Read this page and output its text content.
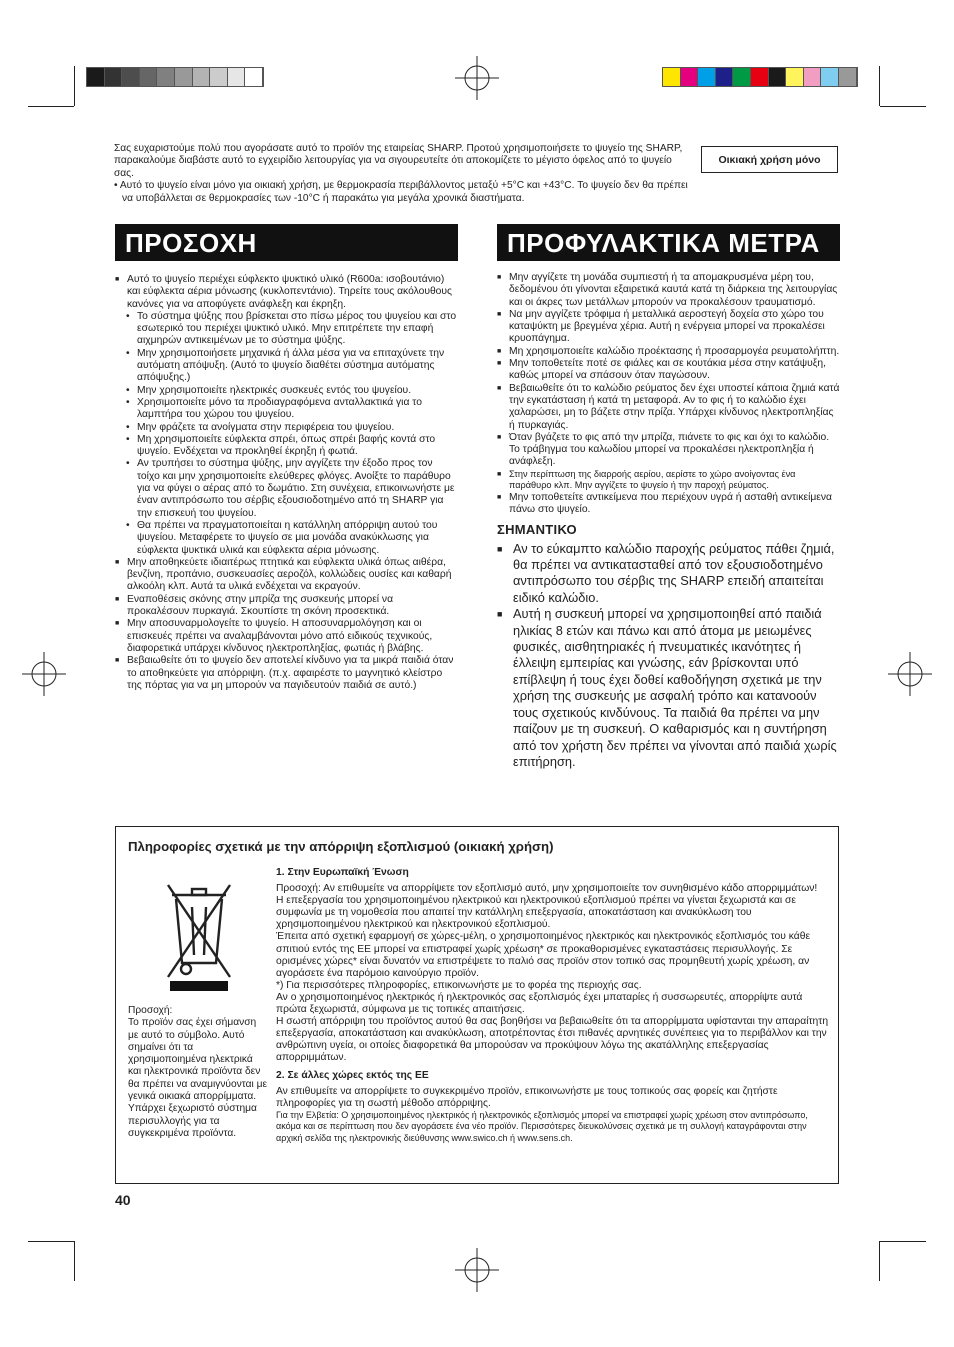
Σας ευχαριστούμε πολύ που αγοράσατε αυτό το προϊόν της εταιρείας SHARP. Προτού χρησιμοποιήσετε το ψυγείο της SHARP, παρακαλούμε διαβάστε αυτό το εγχειρίδιο λειτουργίας για να σιγουρευτείτε ότι αποκομίζετε το μέγιστο όφελος από το ψυγείο σας.

• Αυτό το ψυγείο είναι μόνο για οικιακή χρήση, με θερμοκρασία περιβάλλοντος μεταξύ +5°C και +43°C. Το ψυγείο δεν θα πρέπει να υποβάλλεται σε θερμοκρασίες των -10°C ή παρακάτω για μεγάλα χρονικά διαστήματα.

Οικιακή χρήση μόνο
ΠΡΟΣΟΧΗ
■ Αυτό το ψυγείο περιέχει εύφλεκτο ψυκτικό υλικό (R600a: ισοβουτάνιο) και εύφλεκτα αέρια μόνωσης (κυκλοπεντάνιο). Τηρείτε τους ακόλουθους κανόνες για να αποφύγετε ανάφλεξη και έκρηξη.
• Το σύστημα ψύξης που βρίσκεται στο πίσω μέρος του ψυγείου και στο εσωτερικό του περιέχει ψυκτικό υλικό. Μην επιτρέπετε την επαφή αιχμηρών αντικειμένων με το σύστημα ψύξης.
• Μην χρησιμοποιήσετε μηχανικά ή άλλα μέσα για να επιταχύνετε την αυτόματη απόψυξη. (Αυτό το ψυγείο διαθέτει σύστημα αυτόματης απόψυξης.)
• Μην χρησιμοποιείτε ηλεκτρικές συσκευές εντός του ψυγείου.
• Χρησιμοποιείτε μόνο τα προδιαγραφόμενα ανταλλακτικά για το λαμπτήρα του χώρου του ψυγείου.
• Μην φράζετε τα ανοίγματα στην περιφέρεια του ψυγείου.
• Μη χρησιμοποιείτε εύφλεκτα σπρέι, όπως σπρέι βαφής κοντά στο ψυγείο. Ενδέχεται να προκληθεί έκρηξη ή φωτιά.
• Αν τρυπήσει το σύστημα ψύξης, μην αγγίζετε την έξοδο προς τον τοίχο και μην χρησιμοποιείτε ελεύθερες φλόγες. Ανοίξτε το παράθυρο για να φύγει ο αέρας από το δωμάτιο. Στη συνέχεια, επικοινωνήστε με έναν αντιπρόσωπο του σέρβις εξουσιοδοτημένο από τη SHARP για την επισκευή του ψυγείου.
• Θα πρέπει να πραγματοποιείται η κατάλληλη απόρριψη αυτού του ψυγείου. Μεταφέρετε το ψυγείο σε μια μονάδα ανακύκλωσης για εύφλεκτα ψυκτικά υλικά και εύφλεκτα αέρια μόνωσης.
■ Μην αποθηκεύετε ιδιαιτέρως πτητικά και εύφλεκτα υλικά όπως αιθέρα, βενζίνη, προπάνιο, συσκευασίες αεροζόλ, κολλώδεις ουσίες και καθαρή αλκοόλη κλπ. Αυτά τα υλικά ενδέχεται να εκραγούν.
■ Εναποθέσεις σκόνης στην μπρίζα της συσκευής μπορεί να προκαλέσουν πυρκαγιά. Σκουπίστε τη σκόνη προσεκτικά.
■ Μην αποσυναρμολογείτε το ψυγείο. Η αποσυναρμολόγηση και οι επισκευές πρέπει να αναλαμβάνονται μόνο από ειδικούς τεχνικούς, διαφορετικά υπάρχει κίνδυνος ηλεκτροπληξίας, φωτιάς ή βλάβης.
■ Βεβαιωθείτε ότι το ψυγείο δεν αποτελεί κίνδυνο για τα μικρά παιδιά όταν το αποθηκεύετε για απόρριψη. (π.χ. αφαιρέστε το μαγνητικό κλείστρο της πόρτας για να μη μπορούν να παγιδευτούν παιδιά σε αυτό.)
ΠΡΟΦΥΛΑΚΤΙΚΑ ΜΕΤΡΑ
■ Μην αγγίζετε τη μονάδα συμπιεστή ή τα απομακρυσμένα μέρη του, δεδομένου ότι γίνονται εξαιρετικά καυτά κατά τη διάρκεια της λειτουργίας και οι άκρες των μετάλλων μπορούν να προκαλέσουν τραυματισμό.
■ Να μην αγγίζετε τρόφιμα ή μεταλλικά αεροστεγή δοχεία στο χώρο του καταψύκτη με βρεγμένα χέρια. Αυτή η ενέργεια μπορεί να προκαλέσει κρυοπάγημα.
■ Μη χρησιμοποιείτε καλώδιο προέκτασης ή προσαρμογέα ρευματολήπτη.
■ Μην τοποθετείτε ποτέ σε φιάλες και σε κουτάκια μέσα στην κατάψυξη, καθώς μπορεί να σπάσουν όταν παγώσουν.
■ Βεβαιωθείτε ότι το καλώδιο ρεύματος δεν έχει υποστεί κάποια ζημιά κατά την εγκατάσταση ή κατά τη μεταφορά. Αν το φις ή το καλώδιο έχει χαλαρώσει, μη το βάζετε στην πρίζα. Υπάρχει κίνδυνος ηλεκτροπληξίας ή πυρκαγιάς.
■ Όταν βγάζετε το φις από την μπρίζα, πιάνετε το φις και όχι το καλώδιο. Το τράβηγμα του καλωδίου μπορεί να προκαλέσει ηλεκτροπληξία ή ανάφλεξη.
■ Στην περίπτωση της διαρροής αερίου, αερίστε το χώρο ανοίγοντας ένα παράθυρο κλπ. Μην αγγίζετε το ψυγείο ή την παροχή ρεύματος.
■ Μην τοποθετείτε αντικείμενα που περιέχουν υγρά ή ασταθή αντικείμενα πάνω στο ψυγείο.
ΣΗΜΑΝΤΙΚΟ
■ Αν το εύκαμπτο καλώδιο παροχής ρεύματος πάθει ζημιά, θα πρέπει να αντικατασταθεί από τον εξουσιοδοτημένο αντιπρόσωπο του σέρβις της SHARP επειδή απαιτείται ειδικό καλώδιο.
■ Αυτή η συσκευή μπορεί να χρησιμοποιηθεί από παιδιά ηλικίας 8 ετών και πάνω και από άτομα με μειωμένες φυσικές, αισθητηριακές ή πνευματικές ικανότητες ή έλλειψη εμπειρίας και γνώσης, εάν βρίσκονται υπό επίβλεψη ή τους έχει δοθεί καθοδήγηση σχετικά με την χρήση της συσκευής με ασφαλή τρόπο και κατανοούν τους σχετικούς κινδύνους. Τα παιδιά θα πρέπει να μην παίζουν με τη συσκευή. Ο καθαρισμός και η συντήρηση από τον χρήστη δεν πρέπει να γίνονται από παιδιά χωρίς επιτήρηση.
Πληροφορίες σχετικά με την απόρριψη εξοπλισμού (οικιακή χρήση)

Προσοχή:

Το προϊόν σας έχει σήμανση με αυτό το σύμβολο. Αυτό σημαίνει ότι τα χρησιμοποιημένα ηλεκτρικά και ηλεκτρονικά προϊόντα δεν θα πρέπει να αναμιγνύονται με γενικά οικιακά απορρίμματα. Υπάρχει ξεχωριστό σύστημα περισυλλογής για τα συγκεκριμένα προϊόντα.

1. Στην Ευρωπαϊκή Ένωση

Προσοχή: Αν επιθυμείτε να απορρίψετε τον εξοπλισμό αυτό, μην χρησιμοποιείτε τον συνηθισμένο κάδο απορριμμάτων!

Η επεξεργασία του χρησιμοποιημένου ηλεκτρικού και ηλεκτρονικού εξοπλισμού πρέπει να γίνεται ξεχωριστά και σε συμφωνία με τη νομοθεσία που απαιτεί την κατάλληλη επεξεργασία, αποκατάσταση και ανακύκλωση του χρησιμοποιημένου ηλεκτρικού και ηλεκτρονικού εξοπλισμού.

Έπειτα από σχετική εφαρμογή σε χώρες-μέλη, ο χρησιμοποιημένος ηλεκτρικός και ηλεκτρονικός εξοπλισμός του κάθε σπιτιού εντός της ΕΕ μπορεί να επιστραφεί χωρίς χρέωση* σε προκαθορισμένες εγκαταστάσεις περισυλλογής. Σε ορισμένες χώρες* είναι δυνατόν να επιστρέψετε το παλιό σας προϊόν στον τοπικό σας προμηθευτή χωρίς χρέωση, αν αγοράσετε ένα παρόμοιο καινούργιο προϊόν.

*) Για περισσότερες πληροφορίες, επικοινωνήστε με το φορέα της περιοχής σας.

Αν ο χρησιμοποιημένος ηλεκτρικός ή ηλεκτρονικός σας εξοπλισμός έχει μπαταρίες ή συσσωρευτές, απορρίψτε αυτά πρώτα ξεχωριστά, σύμφωνα με τις τοπικές απαιτήσεις.

Η σωστή απόρριψη του προϊόντος αυτού θα σας βοηθήσει να βεβαιωθείτε ότι τα απορρίμματα υφίστανται την απαραίτητη επεξεργασία, αποκατάσταση και ανακύκλωση, αποτρέποντας έτσι πιθανές αρνητικές συνέπειες για το περιβάλλον και την ανθρώπινη υγεία, οι οποίες διαφορετικά θα μπορούσαν να προκύψουν λόγω της ακατάλληλης επεξεργασίας απορριμμάτων.

2. Σε άλλες χώρες εκτός της ΕΕ

Αν επιθυμείτε να απορρίψετε το συγκεκριμένο προϊόν, επικοινωνήστε με τους τοπικούς σας φορείς και ζητήστε πληροφορίες για τη σωστή μέθοδο απόρριψης.

Για την Ελβετία: Ο χρησιμοποιημένος ηλεκτρικός ή ηλεκτρονικός εξοπλισμός μπορεί να επιστραφεί χωρίς χρέωση στον αντιπρόσωπο, ακόμα και σε περίπτωση που δεν αγοράσετε ένα νέο προϊόν. Περισσότερες διευκολύνσεις σχετικά με τη συλλογή καταγράφονται στην αρχική σελίδα της ηλεκτρονικής διεύθυνσης www.swico.ch ή www.sens.ch.

40
